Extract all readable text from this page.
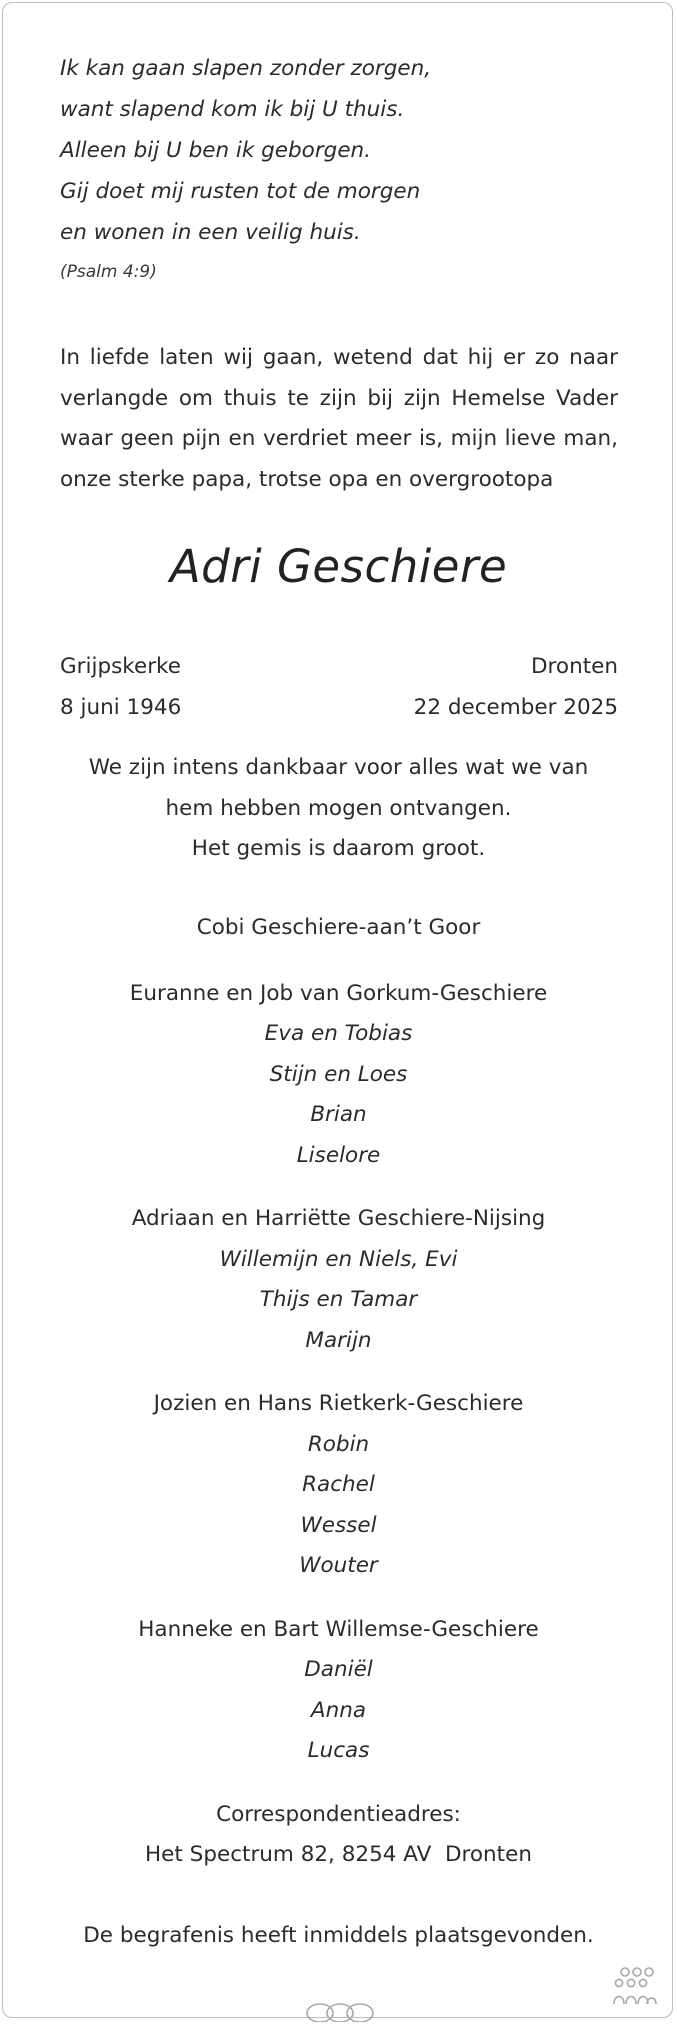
Ik kan gaan slapen zonder zorgen,
want slapend kom ik bij U thuis.
Alleen bij U ben ik geborgen.
Gij doet mij rusten tot de morgen
en wonen in een veilig huis.
(Psalm 4:9)
In liefde laten wij gaan, wetend dat hij er zo naar
verlangde om thuis te zijn bij zijn Hemelse Vader
waar geen pijn en verdriet meer is, mijn lieve man,
onze sterke papa, trotse opa en overgrootopa
Adri Geschiere
Grijpskerke	Dronten
8 juni 1946	22 december 2025
We zijn intens dankbaar voor alles wat we van
hem hebben mogen ontvangen.
Het gemis is daarom groot.
Cobi Geschiere-aan’t Goor
Euranne en Job van Gorkum-Geschiere
Eva en Tobias
Stijn en Loes
Brian
Liselore
Adriaan en Harriëtte Geschiere-Nijsing
Willemijn en Niels, Evi
Thijs en Tamar
Marijn
Jozien en Hans Rietkerk-Geschiere
Robin
Rachel
Wessel
Wouter
Hanneke en Bart Willemse-Geschiere
Daniël
Anna
Lucas
Correspondentieadres:
Het Spectrum 82, 8254 AV  Dronten
De begrafenis heeft inmiddels plaatsgevonden.
